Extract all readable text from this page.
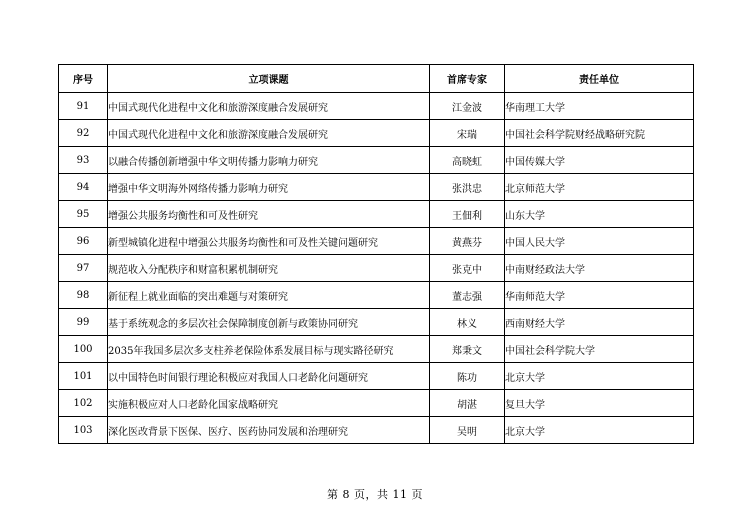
序号	立项课题	首席专家	责任单位
91	中国式现代化进程中文化和旅游深度融合发展研究	江金波	华南理工大学
92	中国式现代化进程中文化和旅游深度融合发展研究	宋瑞	中国社会科学院财经战略研究院
93	以融合传播创新增强中华文明传播力影响力研究	高晓虹	中国传媒大学
94	增强中华文明海外网络传播力影响力研究	张洪忠	北京师范大学
95	增强公共服务均衡性和可及性研究	王佃利	山东大学
96	新型城镇化进程中增强公共服务均衡性和可及性关键问题研究	黄燕芬	中国人民大学
97	规范收入分配秩序和财富积累机制研究	张克中	中南财经政法大学
98	新征程上就业面临的突出难题与对策研究	董志强	华南师范大学
99	基于系统观念的多层次社会保障制度创新与政策协同研究	林义	西南财经大学
100	2035年我国多层次多支柱养老保险体系发展目标与现实路径研究	郑秉文	中国社会科学院大学
101	以中国特色时间银行理论积极应对我国人口老龄化问题研究	陈功	北京大学
102	实施积极应对人口老龄化国家战略研究	胡湛	复旦大学
103	深化医改背景下医保、医疗、医药协同发展和治理研究	吴明	北京大学
第 8 页，共 11 页
